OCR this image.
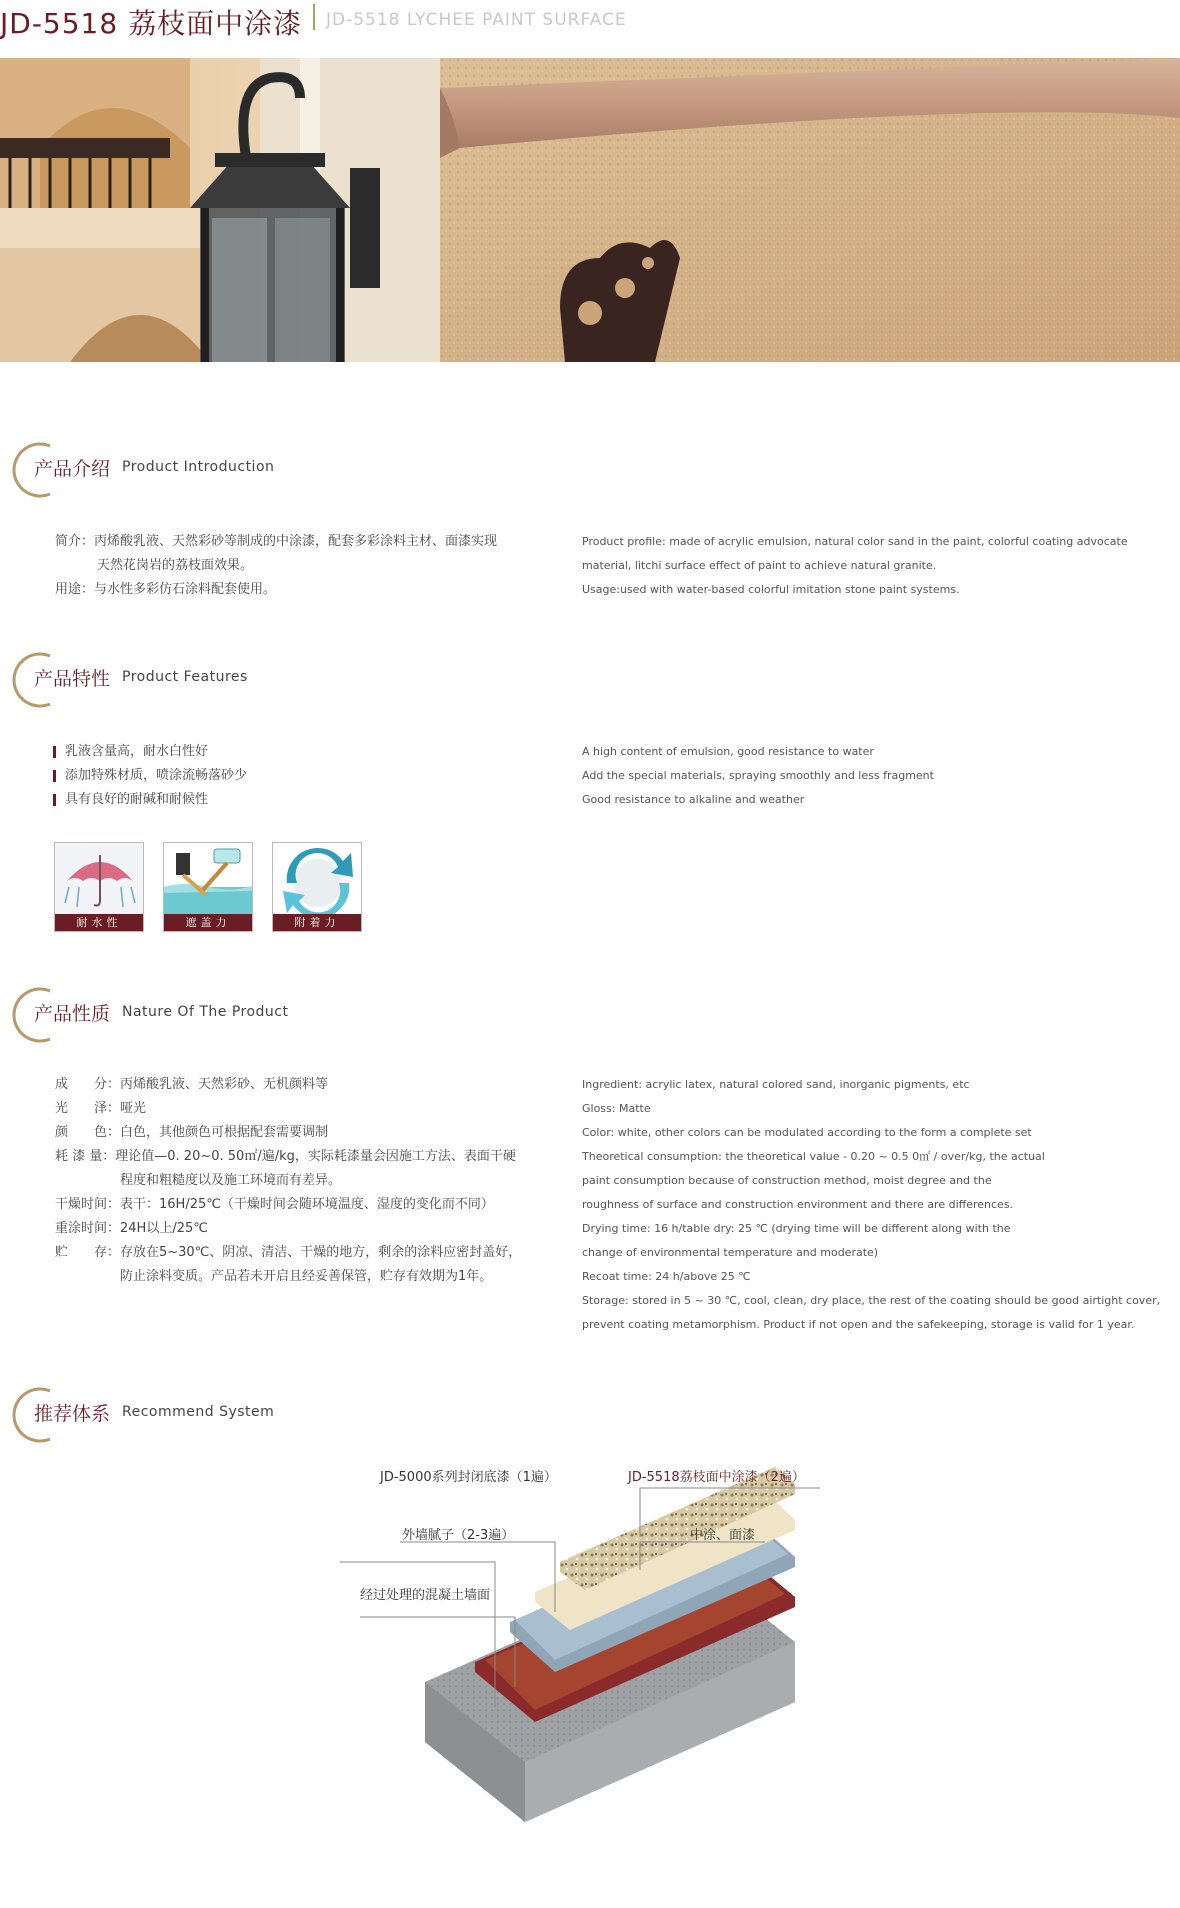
JD-5518 荔枝面中涂漆 JD-5518 LYCHEE PAINT SURFACE
产品介绍 Product Introduction
简介：丙烯酸乳液、天然彩砂等制成的中涂漆，配套多彩涂料主材、面漆实现
天然花岗岩的荔枝面效果。
用途：与水性多彩仿石涂料配套使用。
Product profile: made of acrylic emulsion, natural color sand in the paint, colorful coating advocate
material, litchi surface effect of paint to achieve natural granite.
Usage:used with water-based colorful imitation stone paint systems.
产品特性 Product Features
乳液含量高，耐水白性好
添加特殊材质，喷涂流畅落砂少
具有良好的耐碱和耐候性
A high content of emulsion, good resistance to water
Add the special materials, spraying smoothly and less fragment
Good resistance to alkaline and weather
耐水性	遮盖力	附着力
产品性质 Nature Of The Product
成　　分：丙烯酸乳液、天然彩砂、无机颜料等
光　　泽：哑光
颜　　色：白色，其他颜色可根据配套需要调制
耗 漆 量：理论值—0. 20~0. 50㎡/遍/kg，实际耗漆量会因施工方法、表面干硬
　　　　　程度和粗糙度以及施工环境而有差异。
干燥时间：表干：16H/25℃（干燥时间会随环境温度、湿度的变化而不同）
重涂时间：24H以上/25℃
贮　　存：存放在5~30℃、阴凉、清洁、干燥的地方，剩余的涂料应密封盖好，
　　　　　防止涂料变质。产品若未开启且经妥善保管，贮存有效期为1年。
Ingredient: acrylic latex, natural colored sand, inorganic pigments, etc
Gloss: Matte
Color: white, other colors can be modulated according to the form a complete set
Theoretical consumption: the theoretical value - 0.20 ~ 0.5 0㎡ / over/kg, the actual
paint consumption because of construction method, moist degree and the
roughness of surface and construction environment and there are differences.
Drying time: 16 h/table dry: 25 ℃ (drying time will be different along with the
change of environmental temperature and moderate)
Recoat time: 24 h/above 25 ℃
Storage: stored in 5 ~ 30 ℃, cool, clean, dry place, the rest of the coating should be good airtight cover,
prevent coating metamorphism. Product if not open and the safekeeping, storage is valid for 1 year.
推荐体系 Recommend System
JD-5000系列封闭底漆（1遍）
外墙腻子（2-3遍）
经过处理的混凝土墙面
JD-5518荔枝面中涂漆（2遍）
中涂、面漆
